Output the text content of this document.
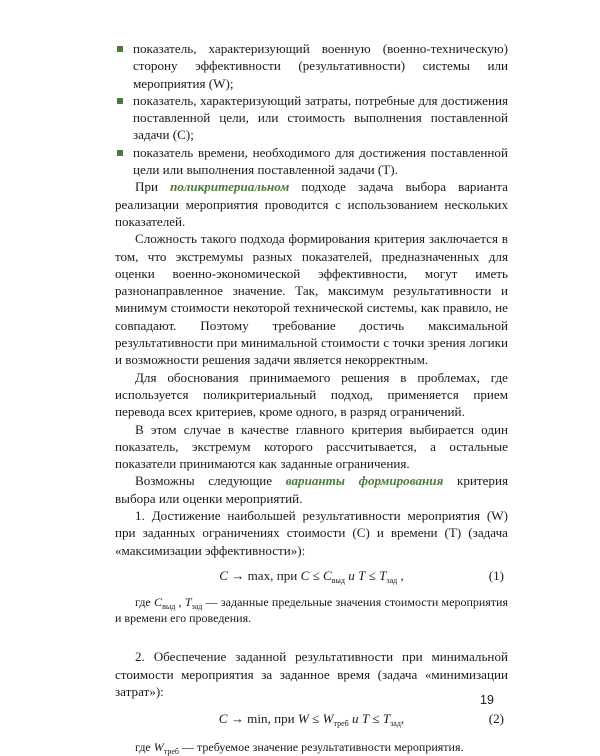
показатель, характеризующий военную (военно-техническую) сторону эффективности (результативности) системы или мероприятия (W);
показатель, характеризующий затраты, потребные для достижения поставленной цели, или стоимость выполнения поставленной задачи (С);
показатель времени, необходимого для достижения поставленной цели или выполнения поставленной задачи (Т).

При поликритериальном подходе задача выбора варианта реализации мероприятия проводится с использованием нескольких показателей.

Сложность такого подхода формирования критерия заключается в том, что экстремумы разных показателей, предназначенных для оценки военно-экономической эффективности, могут иметь разнонаправленное значение. Так, максимум результативности и минимум стоимости некоторой технической системы, как правило, не совпадают. Поэтому требование достичь максимальной результативности при минимальной стоимости с точки зрения логики и возможности решения задачи является некорректным.

Для обоснования принимаемого решения в проблемах, где используется поликритериальный подход, применяется прием перевода всех критериев, кроме одного, в разряд ограничений.

В этом случае в качестве главного критерия выбирается один показатель, экстремум которого рассчитывается, а остальные показатели принимаются как заданные ограничения.

Возможны следующие варианты формирования критерия выбора или оценки мероприятий.

1. Достижение наибольшей результативности мероприятия (W) при заданных ограничениях стоимости (С) и времени (Т) (задача «максимизации эффективности»):

C → max, при $C \le C_{выд}$ и $T \le T_{зад}$ ,	(1)

где $C_{выд}$ , $T_{зад}$ — заданные предельные значения стоимости мероприятия и времени его проведения.

2. Обеспечение заданной результативности при минимальной стоимости мероприятия за заданное время (задача «минимизации затрат»):

C → min, при $W \le W_{треб}$ и $T \le T_{зад}$,	(2)

где $W_{треб}$ — требуемое значение результативности мероприятия.

19
